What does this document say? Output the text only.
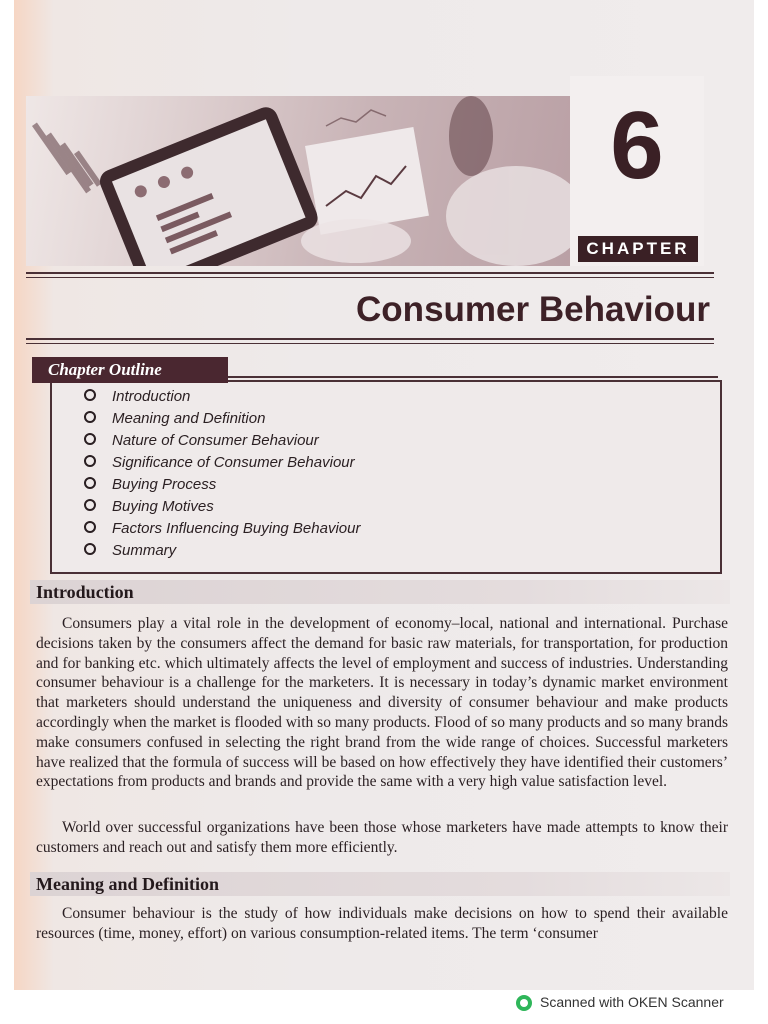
6
CHAPTER
Consumer Behaviour
Chapter Outline
Introduction
Meaning and Definition
Nature of Consumer Behaviour
Significance of Consumer Behaviour
Buying Process
Buying Motives
Factors Influencing Buying Behaviour
Summary
Introduction

Consumers play a vital role in the development of economy–local, national and international. Purchase decisions taken by the consumers affect the demand for basic raw materials, for transportation, for production and for banking etc. which ultimately affects the level of employment and success of industries. Understanding consumer behaviour is a challenge for the marketers. It is necessary in today’s dynamic market environment that marketers should understand the uniqueness and diversity of consumer behaviour and make products accordingly when the market is flooded with so many products. Flood of so many products and so many brands make consumers confused in selecting the right brand from the wide range of choices. Successful marketers have realized that the formula of success will be based on how effectively they have identified their customers’ expectations from products and brands and provide the same with a very high value satisfaction level.

World over successful organizations have been those whose marketers have made attempts to know their customers and reach out and satisfy them more efficiently.

Meaning and Definition

Consumer behaviour is the study of how individuals make decisions on how to spend their available resources (time, money, effort) on various consumption-related items. The term ‘consumer

Scanned with OKEN Scanner
